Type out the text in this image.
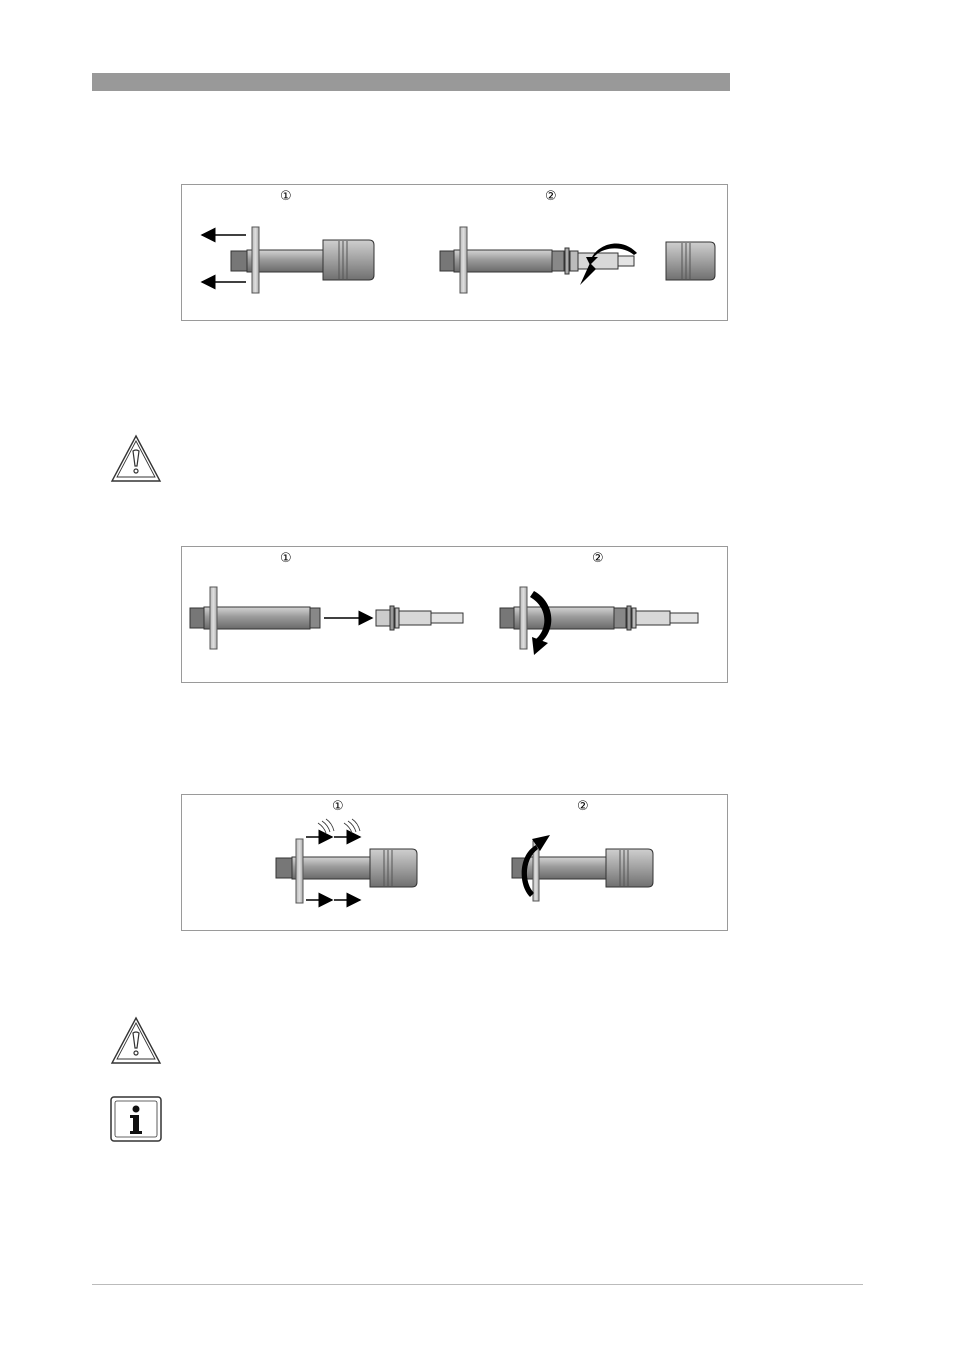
①	②
①	②
①	②
